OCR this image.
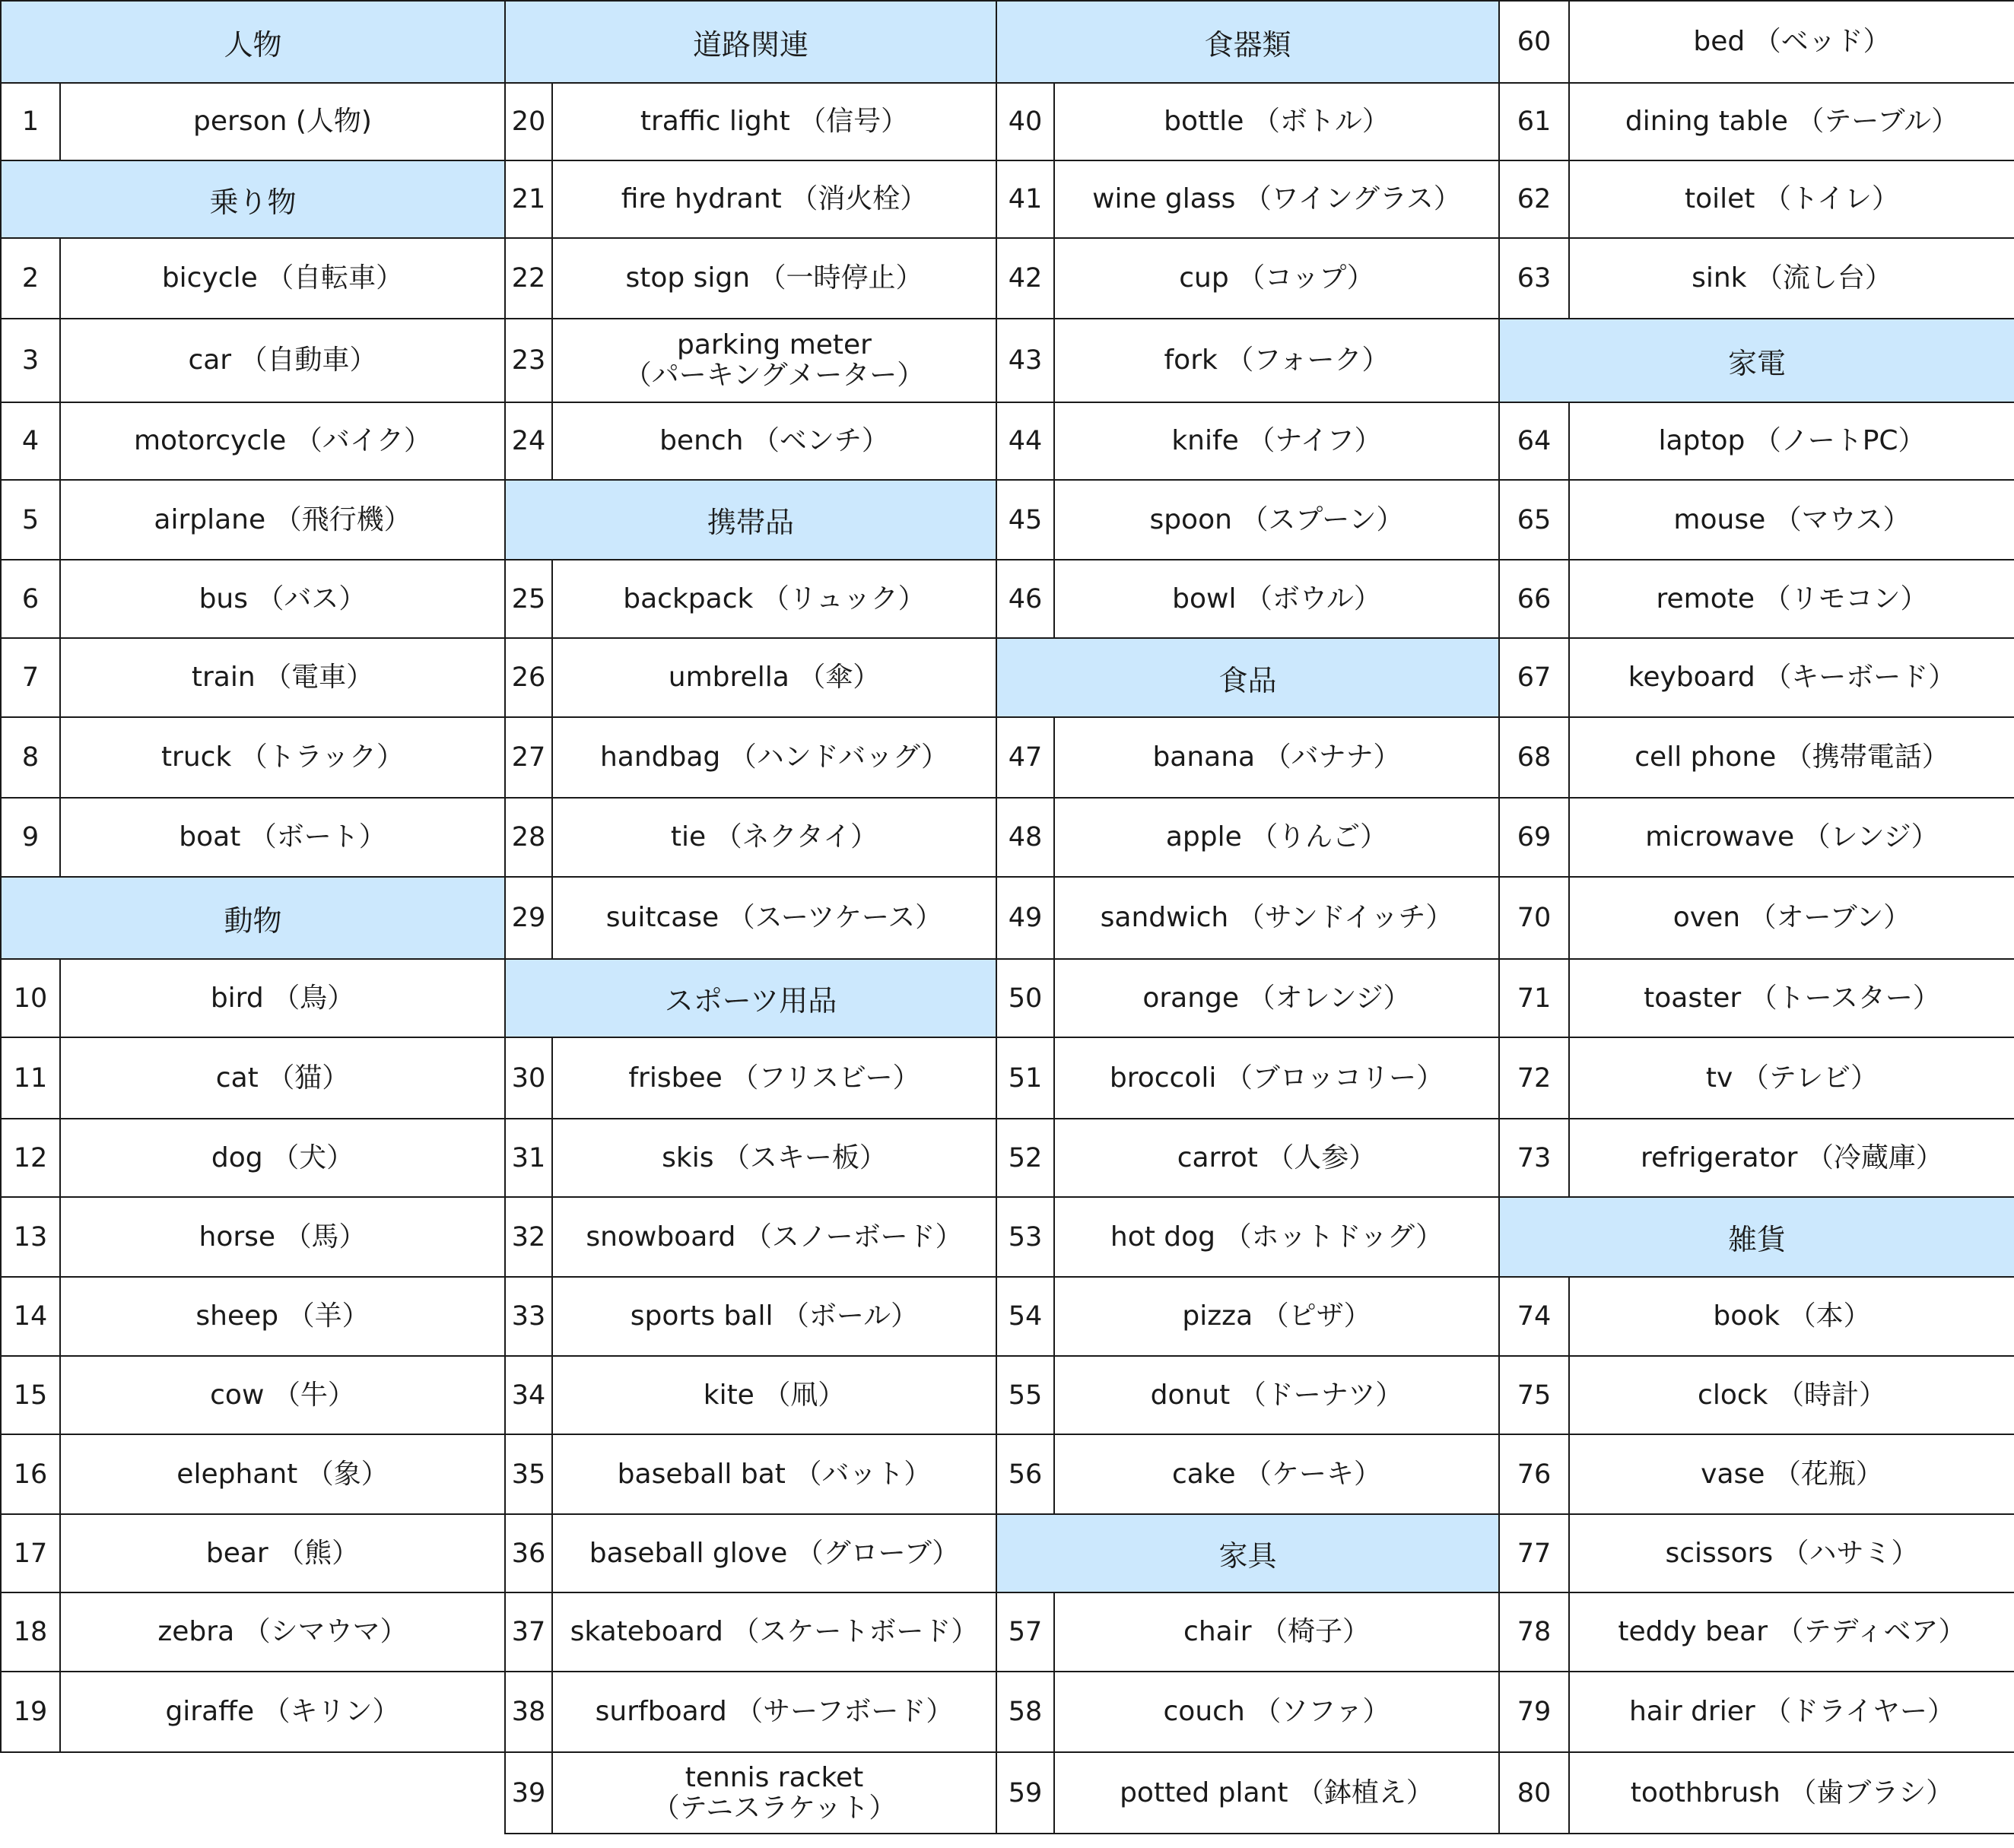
人物
1	person (人物)
乗り物
2	bicycle （自転車）
3	car （自動車）
4	motorcycle （バイク）
5	airplane （飛行機）
6	bus （バス）
7	train （電車）
8	truck （トラック）
9	boat （ボート）
動物
10	bird （鳥）
11	cat （猫）
12	dog （犬）
13	horse （馬）
14	sheep （羊）
15	cow （牛）
16	elephant （象）
17	bear （熊）
18	zebra （シマウマ）
19	giraffe （キリン）
道路関連
20	traffic light （信号）
21	fire hydrant （消火栓）
22	stop sign （一時停止）
23	parking meter
（パーキングメーター）
24	bench （ベンチ）
携帯品
25	backpack （リュック）
26	umbrella （傘）
27 handbag （ハンドバッグ）
28	tie （ネクタイ）
29 suitcase （スーツケース）
スポーツ用品
30	frisbee （フリスビー）
31	skis （スキー板）
32 snowboard （スノーボード）
33	sports ball （ボール）
34	kite （凧）
35	baseball bat （バット）
36 baseball glove （グローブ）
37 skateboard （スケートボード）
38 surfboard （サーフボード）
39	tennis racket
（テニスラケット）
食器類
40	bottle （ボトル）
41 wine glass （ワイングラス）
42	cup （コップ）
43	fork （フォーク）
44	knife （ナイフ）
45	spoon （スプーン）
46	bowl （ボウル）
食品
47	banana （バナナ）
48	apple （りんご）
49 sandwich （サンドイッチ）
50	orange （オレンジ）
51 broccoli （ブロッコリー）
52	carrot （人参）
53 hot dog （ホットドッグ）
54	pizza （ピザ）
55	donut （ドーナツ）
56	cake （ケーキ）
家具
57	chair （椅子）
58	couch （ソファ）
59	potted plant （鉢植え）
60	bed （ベッド）
61	dining table （テーブル）
62	toilet （トイレ）
63	sink （流し台）
家電
64	laptop （ノートPC）
65	mouse （マウス）
66	remote （リモコン）
67	keyboard （キーボード）
68	cell phone （携帯電話）
69	microwave （レンジ）
70	oven （オーブン）
71	toaster （トースター）
72	tv （テレビ）
73	refrigerator （冷蔵庫）
雑貨
74	book （本）
75	clock （時計）
76	vase （花瓶）
77	scissors （ハサミ）
78 teddy bear （テディベア）
79	hair drier （ドライヤー）
80	toothbrush （歯ブラシ）
